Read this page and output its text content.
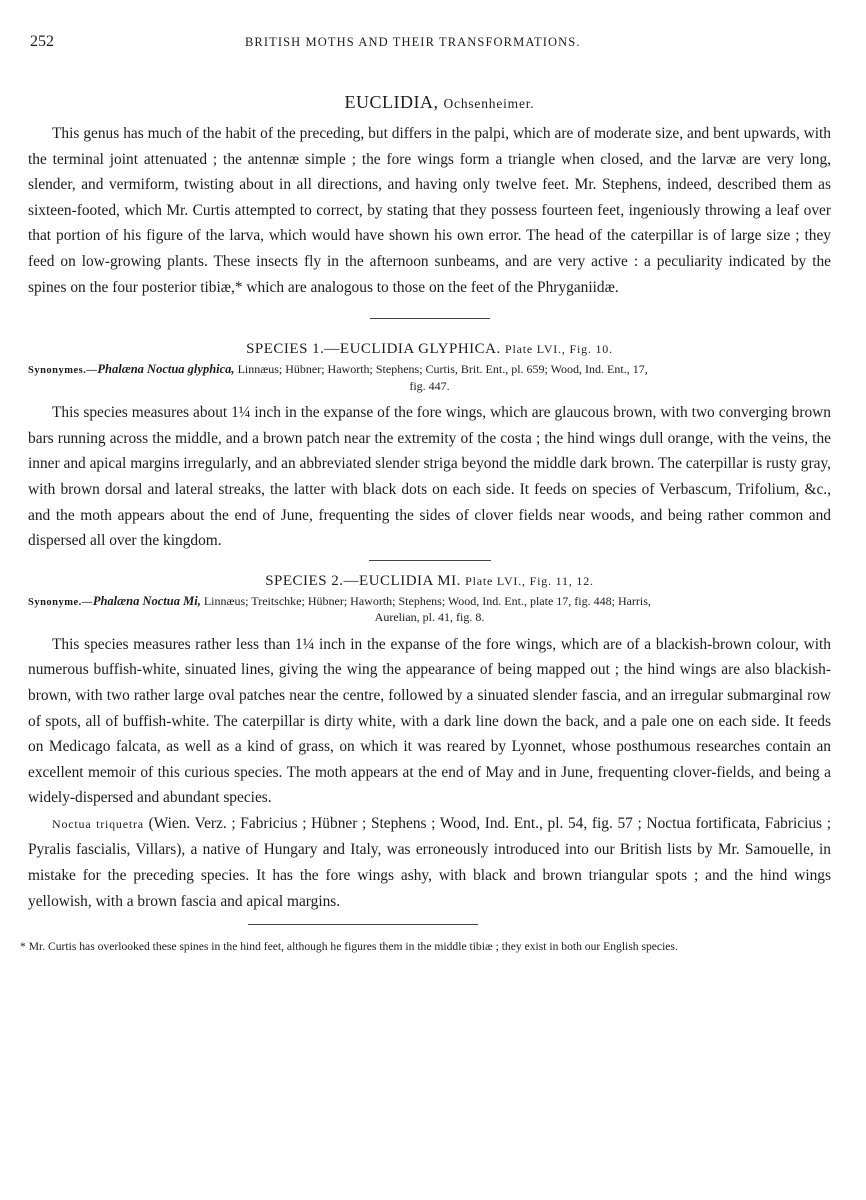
252	BRITISH MOTHS AND THEIR TRANSFORMATIONS.
EUCLIDIA, Ochsenheimer.

This genus has much of the habit of the preceding, but differs in the palpi, which are of moderate size, and bent upwards, with the terminal joint attenuated ; the antennæ simple ; the fore wings form a triangle when closed, and the larvæ are very long, slender, and vermiform, twisting about in all directions, and having only twelve feet. Mr. Stephens, indeed, described them as sixteen-footed, which Mr. Curtis attempted to correct, by stating that they possess fourteen feet, ingeniously throwing a leaf over that portion of his figure of the larva, which would have shown his own error. The head of the caterpillar is of large size ; they feed on low-growing plants. These insects fly in the afternoon sunbeams, and are very active : a peculiarity indicated by the spines on the four posterior tibiæ,* which are analogous to those on the feet of the Phryganiidæ.

SPECIES 1.—EUCLIDIA GLYPHICA. Plate LVI., Fig. 10.
Synonymes.—Phalæna Noctua glyphica, Linnæus; Hübner; Haworth; Stephens; Curtis, Brit. Ent., pl. 659; Wood, Ind. Ent., 17,
fig. 447.

This species measures about 1¼ inch in the expanse of the fore wings, which are glaucous brown, with two converging brown bars running across the middle, and a brown patch near the extremity of the costa ; the hind wings dull orange, with the veins, the inner and apical margins irregularly, and an abbreviated slender striga beyond the middle dark brown. The caterpillar is rusty gray, with brown dorsal and lateral streaks, the latter with black dots on each side. It feeds on species of Verbascum, Trifolium, &c., and the moth appears about the end of June, frequenting the sides of clover fields near woods, and being rather common and dispersed all over the kingdom.

SPECIES 2.—EUCLIDIA MI. Plate LVI., Fig. 11, 12.
Synonyme.—Phalæna Noctua Mi, Linnæus; Treitschke; Hübner; Haworth; Stephens; Wood, Ind. Ent., plate 17, fig. 448; Harris,
Aurelian, pl. 41, fig. 8.

This species measures rather less than 1¼ inch in the expanse of the fore wings, which are of a blackish-brown colour, with numerous buffish-white, sinuated lines, giving the wing the appearance of being mapped out ; the hind wings are also blackish-brown, with two rather large oval patches near the centre, followed by a sinuated slender fascia, and an irregular submarginal row of spots, all of buffish-white. The caterpillar is dirty white, with a dark line down the back, and a pale one on each side. It feeds on Medicago falcata, as well as a kind of grass, on which it was reared by Lyonnet, whose posthumous researches contain an excellent memoir of this curious species. The moth appears at the end of May and in June, frequenting clover-fields, and being a widely-dispersed and abundant species.

Noctua triquetra (Wien. Verz. ; Fabricius ; Hübner ; Stephens ; Wood, Ind. Ent., pl. 54, fig. 57 ; Noctua fortificata, Fabricius ; Pyralis fascialis, Villars), a native of Hungary and Italy, was erroneously introduced into our British lists by Mr. Samouelle, in mistake for the preceding species. It has the fore wings ashy, with black and brown triangular spots ; and the hind wings yellowish, with a brown fascia and apical margins.

* Mr. Curtis has overlooked these spines in the hind feet, although he figures them in the middle tibiæ ; they exist in both our English species.
